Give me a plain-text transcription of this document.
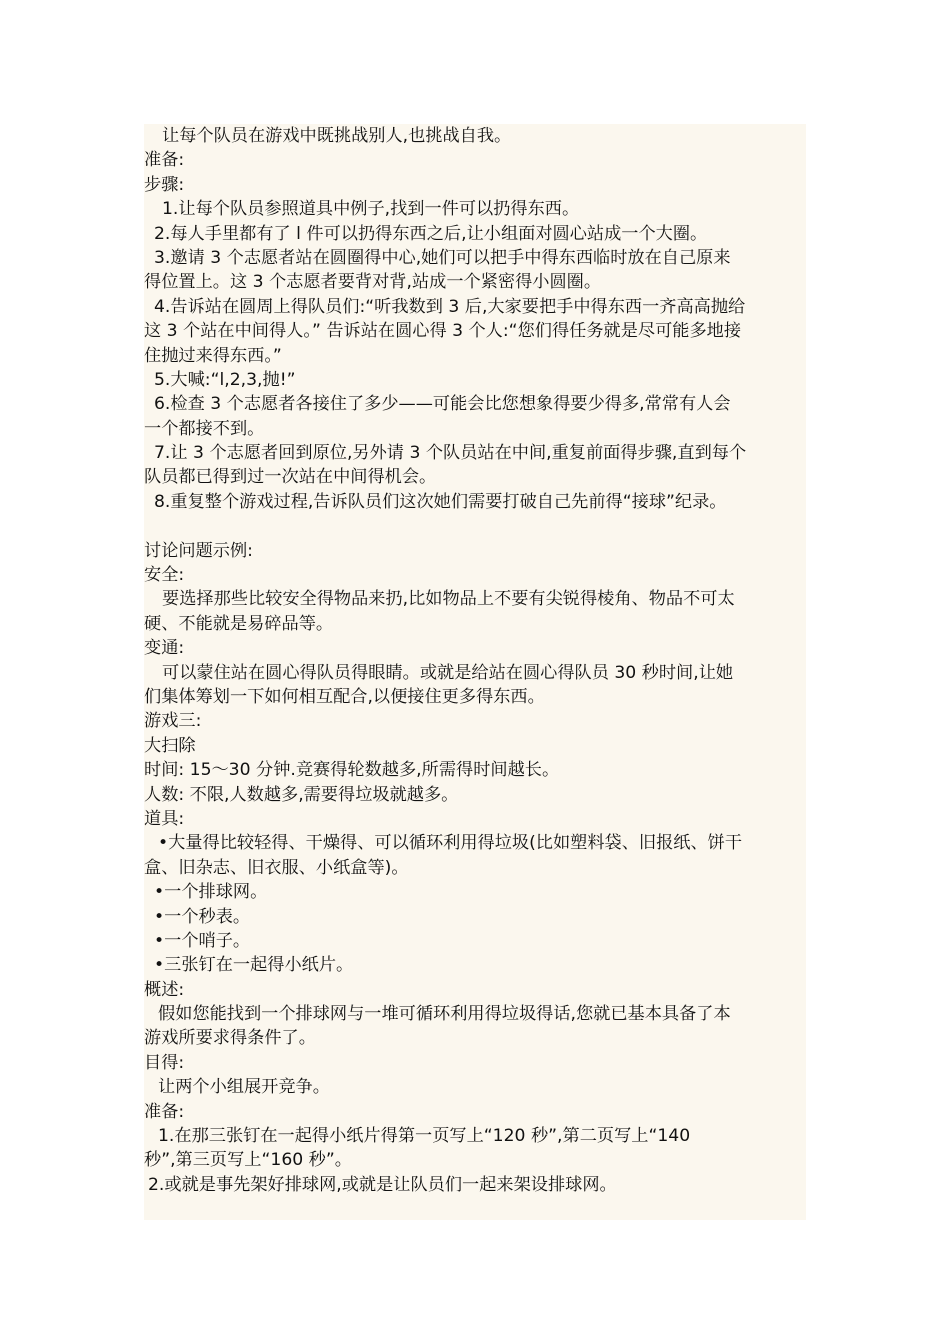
让每个队员在游戏中既挑战别人,也挑战自我。
准备:
步骤:
1.让每个队员参照道具中例子,找到一件可以扔得东西。
2.每人手里都有了 l 件可以扔得东西之后,让小组面对圆心站成一个大圈。
3.邀请 3 个志愿者站在圆圈得中心,她们可以把手中得东西临时放在自己原来
得位置上。这 3 个志愿者要背对背,站成一个紧密得小圆圈。
4.告诉站在圆周上得队员们:“听我数到 3 后,大家要把手中得东西一齐高高抛给
这 3 个站在中间得人。” 告诉站在圆心得 3 个人:“您们得任务就是尽可能多地接
住抛过来得东西。”
5.大喊:“l,2,3,抛!”
6.检查 3 个志愿者各接住了多少——可能会比您想象得要少得多,常常有人会
一个都接不到。
7.让 3 个志愿者回到原位,另外请 3 个队员站在中间,重复前面得步骤,直到每个
队员都已得到过一次站在中间得机会。
8.重复整个游戏过程,告诉队员们这次她们需要打破自己先前得“接球”纪录。
讨论问题示例:
安全:
要选择那些比较安全得物品来扔,比如物品上不要有尖锐得棱角、物品不可太
硬、不能就是易碎品等。
变通:
可以蒙住站在圆心得队员得眼睛。或就是给站在圆心得队员 30 秒时间,让她
们集体筹划一下如何相互配合,以便接住更多得东西。
游戏三:
大扫除
时间: 15～30 分钟.竞赛得轮数越多,所需得时间越长。
人数: 不限,人数越多,需要得垃圾就越多。
道具:
•大量得比较轻得、干燥得、可以循环利用得垃圾(比如塑料袋、旧报纸、饼干
盒、旧杂志、旧衣服、小纸盒等)。
•一个排球网。
•一个秒表。
•一个哨子。
•三张钉在一起得小纸片。
概述:
假如您能找到一个排球网与一堆可循环利用得垃圾得话,您就已基本具备了本
游戏所要求得条件了。
目得:
让两个小组展开竞争。
准备:
1.在那三张钉在一起得小纸片得第一页写上“120 秒”,第二页写上“140
秒”,第三页写上“160 秒”。
2.或就是事先架好排球网,或就是让队员们一起来架设排球网。
